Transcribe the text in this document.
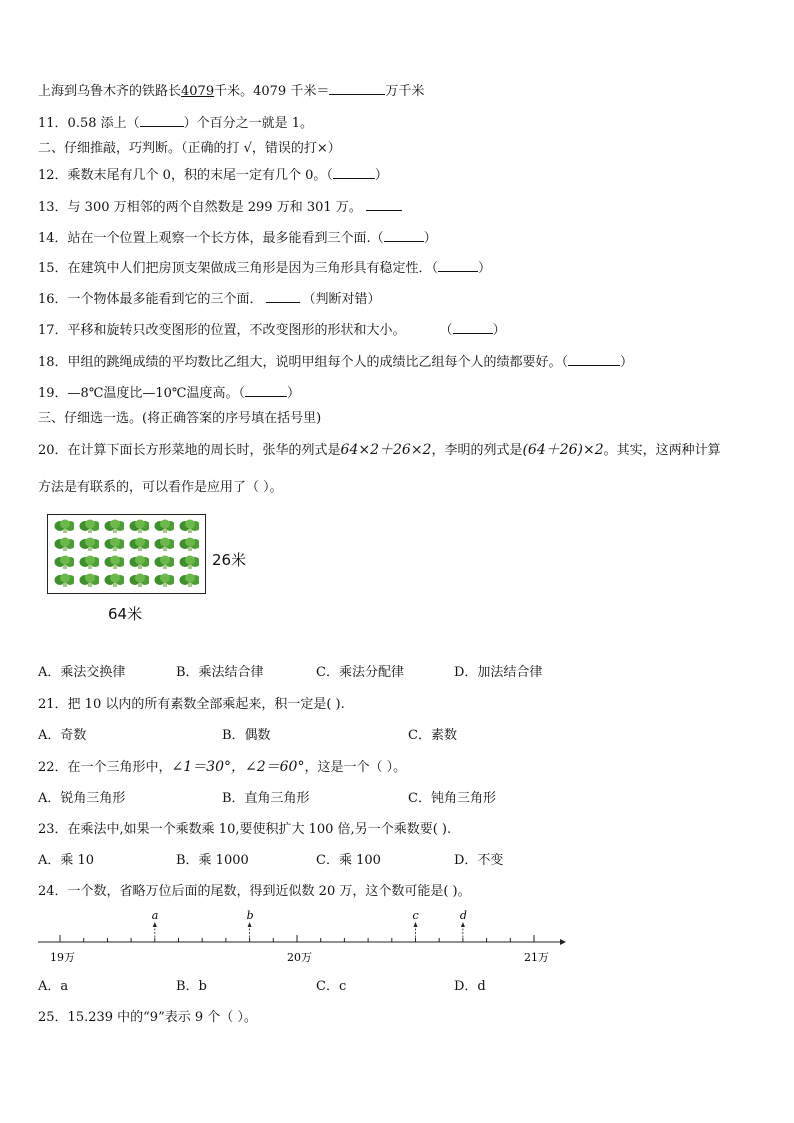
上海到乌鲁木齐的铁路长4079千米。4079 千米＝	万千米
11．0.58 添上（	）个百分之一就是 1。
二、仔细推敲，巧判断。（正确的打 √，错误的打×）
12．乘数末尾有几个 0，积的末尾一定有几个 0。（	）
13．与 300 万相邻的两个自然数是 299 万和 301 万。
14．站在一个位置上观察一个长方体，最多能看到三个面.（	）
15．在建筑中人们把房顶支架做成三角形是因为三角形具有稳定性．（	）
16．一个物体最多能看到它的三个面．	（判断对错）
17．平移和旋转只改变图形的位置，不改变图形的形状和大小。	（	）
18．甲组的跳绳成绩的平均数比乙组大，说明甲组每个人的成绩比乙组每个人的绩都要好。（	）
19．—8℃温度比—10℃温度高。（	）
三、仔细选一选。(将正确答案的序号填在括号里)
20．在计算下面长方形菜地的周长时，张华的列式是64×2＋26×2，李明的列式是(64＋26)×2。其实，这两种计算
方法是有联系的，可以看作是应用了（ ）。
26米
64米
A．乘法交换律	B．乘法结合律	C．乘法分配律	D．加法结合律
21．把 10 以内的所有素数全部乘起来，积一定是( ).
A．奇数	B．偶数	C．素数
22．在一个三角形中，∠1＝30°，∠2＝60°，这是一个（ ）。
A．锐角三角形	B．直角三角形	C．钝角三角形
23．在乘法中,如果一个乘数乘 10,要使积扩大 100 倍,另一个乘数要( ).
A．乘 10	B．乘 1000	C．乘 100	D．不变
24．一个数，省略万位后面的尾数，得到近似数 20 万，这个数可能是( )。
19万	20万	21万
a	b	c	d
A．a	B．b	C．c	D．d
25．15.239 中的“9”表示 9 个（ ）。
